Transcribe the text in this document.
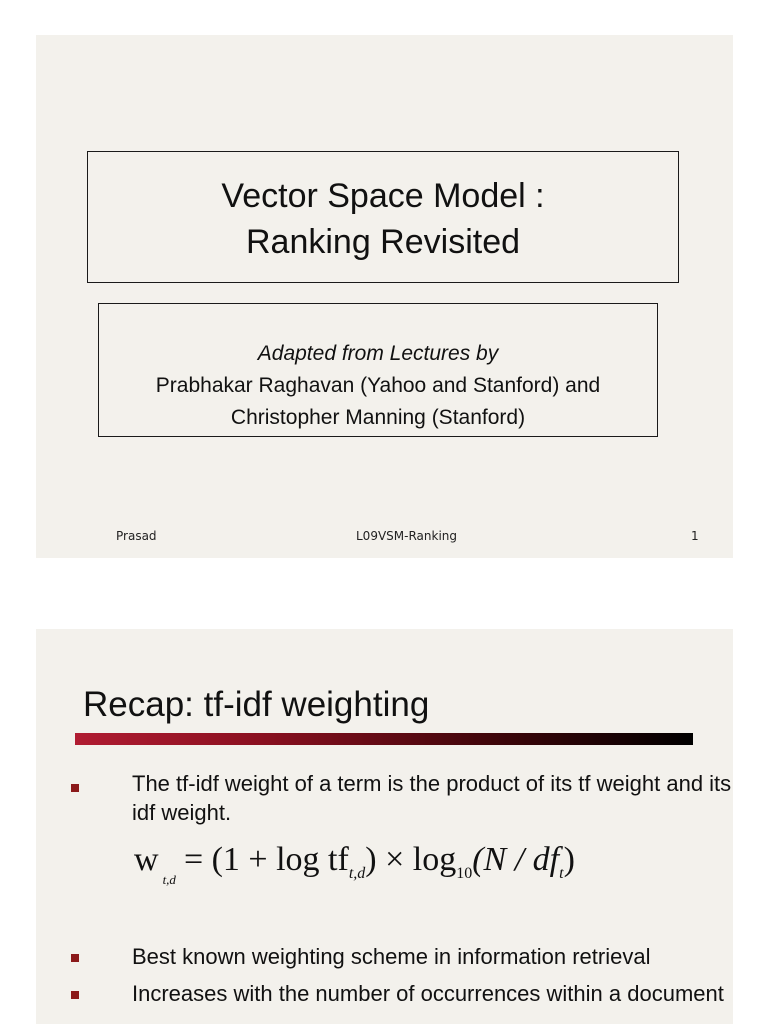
Vector Space Model :
Ranking Revisited
Adapted from Lectures by
Prabhakar Raghavan (Yahoo and Stanford) and
Christopher Manning (Stanford)
Prasad	L09VSM-Ranking	1
Recap: tf-idf weighting
The tf-idf weight of a term is the product of its tf weight and its idf weight.
$w_{t,d}= (1 + \log tf_{t,d}) \times \log_{10}(N / df_t)$
Best known weighting scheme in information retrieval
Increases with the number of occurrences within a document
